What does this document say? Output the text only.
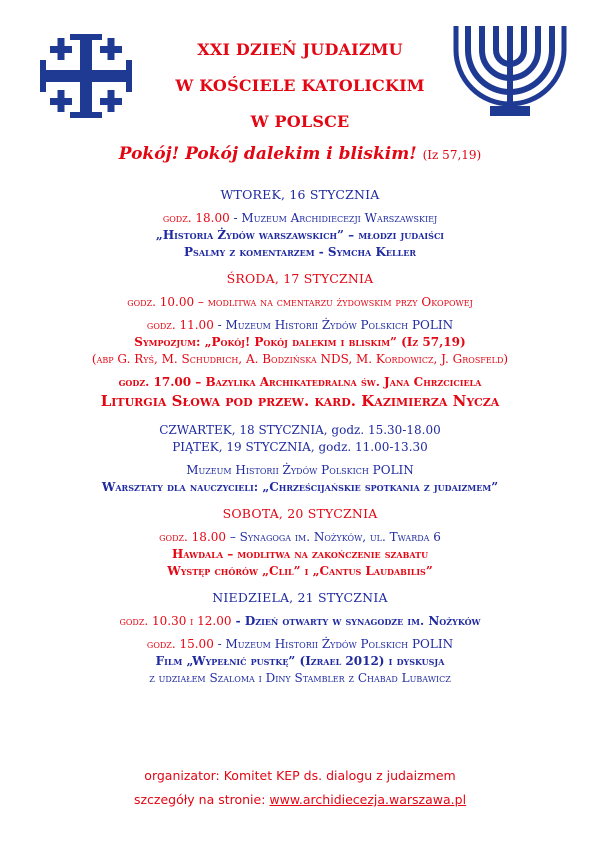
XXI DZIEŃ JUDAIZMU
W KOŚCIELE KATOLICKIM
W POLSCE
Pokój! Pokój dalekim i bliskim! (Iz 57,19)
WTOREK, 16 STYCZNIA
godz. 18.00 - Muzeum Archidiecezji Warszawskiej
„Historia Żydów warszawskich” – młodzi judaiści
Psalmy z komentarzem - Symcha Keller
ŚRODA, 17 STYCZNIA
godz. 10.00 – modlitwa na cmentarzu żydowskim przy Okopowej
godz. 11.00 - Muzeum Historii Żydów Polskich POLIN
Sympozjum: „Pokój! Pokój dalekim i bliskim” (Iz 57,19)
(abp G. Ryś, M. Schudrich, A. Bodzińska NDS, M. Kordowicz, J. Grosfeld)
godz. 17.00 – Bazylika Archikatedralna św. Jana Chrzciciela
Liturgia Słowa pod przew. kard. Kazimierza Nycza
CZWARTEK, 18 STYCZNIA, godz. 15.30-18.00
PIĄTEK, 19 STYCZNIA, godz. 11.00-13.30
Muzeum Historii Żydów Polskich POLIN
Warsztaty dla nauczycieli: „Chrześcijańskie spotkania z judaizmem”
SOBOTA, 20 STYCZNIA
godz. 18.00 – Synagoga im. Nożyków, ul. Twarda 6
Hawdala – modlitwa na zakończenie szabatu
Występ chórów „Clil” i „Cantus Laudabilis”
NIEDZIELA, 21 STYCZNIA
godz. 10.30 i 12.00 - Dzień otwarty w synagodze im. Nożyków
godz. 15.00 - Muzeum Historii Żydów Polskich POLIN
Film „Wypełnić pustkę” (Izrael 2012) i dyskusja
z udziałem Szaloma i Diny Stambler z Chabad Lubawicz
organizator: Komitet KEP ds. dialogu z judaizmem
szczegóły na stronie: www.archidiecezja.warszawa.pl
